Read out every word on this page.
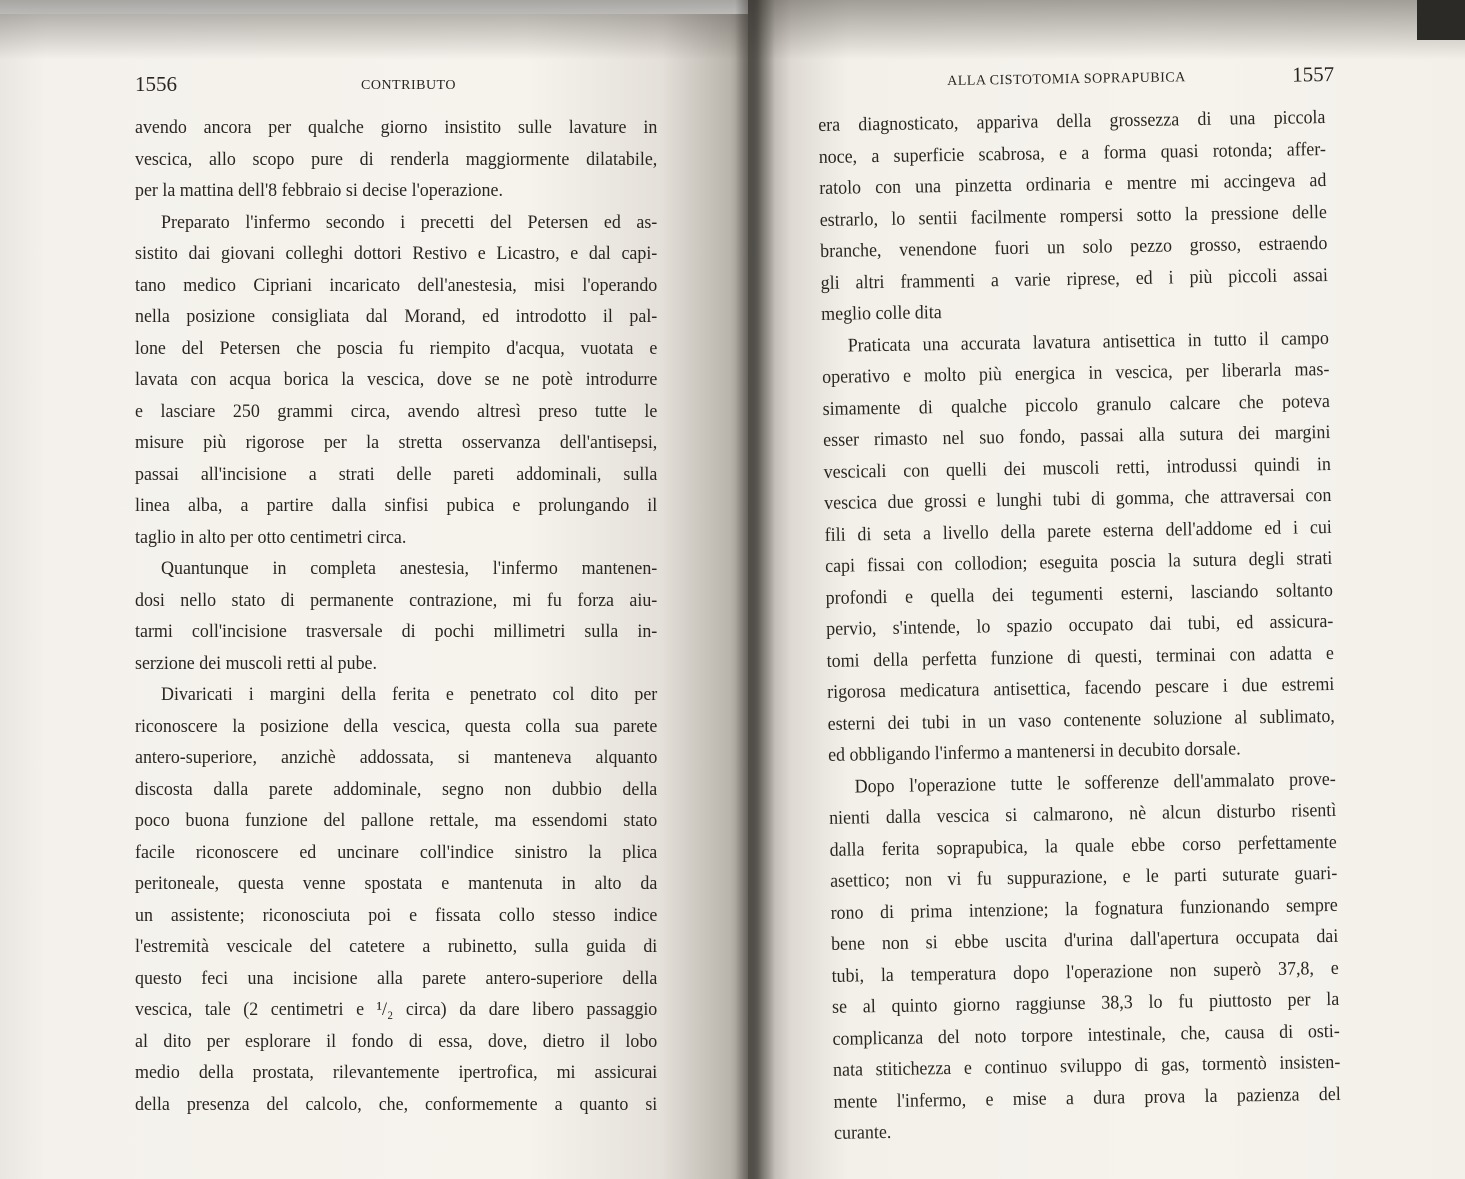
1556	CONTRIBUTO
avendo ancora per qualche giorno insistito sulle lavature in
vescica, allo scopo pure di renderla maggiormente dilatabile,
per la mattina dell'8 febbraio si decise l'operazione.
Preparato l'infermo secondo i precetti del Petersen ed as-
sistito dai giovani colleghi dottori Restivo e Licastro, e dal capi-
tano medico Cipriani incaricato dell'anestesia, misi l'operando
nella posizione consigliata dal Morand, ed introdotto il pal-
lone del Petersen che poscia fu riempito d'acqua, vuotata e
lavata con acqua borica la vescica, dove se ne potè introdurre
e lasciare 250 grammi circa, avendo altresì preso tutte le
misure più rigorose per la stretta osservanza dell'antisepsi,
passai all'incisione a strati delle pareti addominali, sulla
linea alba, a partire dalla sinfisi pubica e prolungando il
taglio in alto per otto centimetri circa.
Quantunque in completa anestesia, l'infermo mantenen-
dosi nello stato di permanente contrazione, mi fu forza aiu-
tarmi coll'incisione trasversale di pochi millimetri sulla in-
serzione dei muscoli retti al pube.
Divaricati i margini della ferita e penetrato col dito per
riconoscere la posizione della vescica, questa colla sua parete
antero-superiore, anzichè addossata, si manteneva alquanto
discosta dalla parete addominale, segno non dubbio della
poco buona funzione del pallone rettale, ma essendomi stato
facile riconoscere ed uncinare coll'indice sinistro la plica
peritoneale, questa venne spostata e mantenuta in alto da
un assistente; riconosciuta poi e fissata collo stesso indice
l'estremità vescicale del catetere a rubinetto, sulla guida di
questo feci una incisione alla parete antero-superiore della
vescica, tale (2 centimetri e ¹/₂ circa) da dare libero passaggio
al dito per esplorare il fondo di essa, dove, dietro il lobo
medio della prostata, rilevantemente ipertrofica, mi assicurai
della presenza del calcolo, che, conformemente a quanto si
ALLA CISTOTOMIA SOPRAPUBICA	1557
era diagnosticato, appariva della grossezza di una piccola
noce, a superficie scabrosa, e a forma quasi rotonda; affer-
ratolo con una pinzetta ordinaria e mentre mi accingeva ad
estrarlo, lo sentii facilmente rompersi sotto la pressione delle
branche, venendone fuori un solo pezzo grosso, estraendo
gli altri frammenti a varie riprese, ed i più piccoli assai
meglio colle dita
Praticata una accurata lavatura antisettica in tutto il campo
operativo e molto più energica in vescica, per liberarla mas-
simamente di qualche piccolo granulo calcare che poteva
esser rimasto nel suo fondo, passai alla sutura dei margini
vescicali con quelli dei muscoli retti, introdussi quindi in
vescica due grossi e lunghi tubi di gomma, che attraversai con
fili di seta a livello della parete esterna dell'addome ed i cui
capi fissai con collodion; eseguita poscia la sutura degli strati
profondi e quella dei tegumenti esterni, lasciando soltanto
pervio, s'intende, lo spazio occupato dai tubi, ed assicura-
tomi della perfetta funzione di questi, terminai con adatta e
rigorosa medicatura antisettica, facendo pescare i due estremi
esterni dei tubi in un vaso contenente soluzione al sublimato,
ed obbligando l'infermo a mantenersi in decubito dorsale.
Dopo l'operazione tutte le sofferenze dell'ammalato prove-
nienti dalla vescica si calmarono, nè alcun disturbo risentì
dalla ferita soprapubica, la quale ebbe corso perfettamente
asettico; non vi fu suppurazione, e le parti suturate guari-
rono di prima intenzione; la fognatura funzionando sempre
bene non si ebbe uscita d'urina dall'apertura occupata dai
tubi, la temperatura dopo l'operazione non superò 37,8, e
se al quinto giorno raggiunse 38,3 lo fu piuttosto per la
complicanza del noto torpore intestinale, che, causa di osti-
nata stitichezza e continuo sviluppo di gas, tormentò insisten-
mente l'infermo, e mise a dura prova la pazienza del
curante.
